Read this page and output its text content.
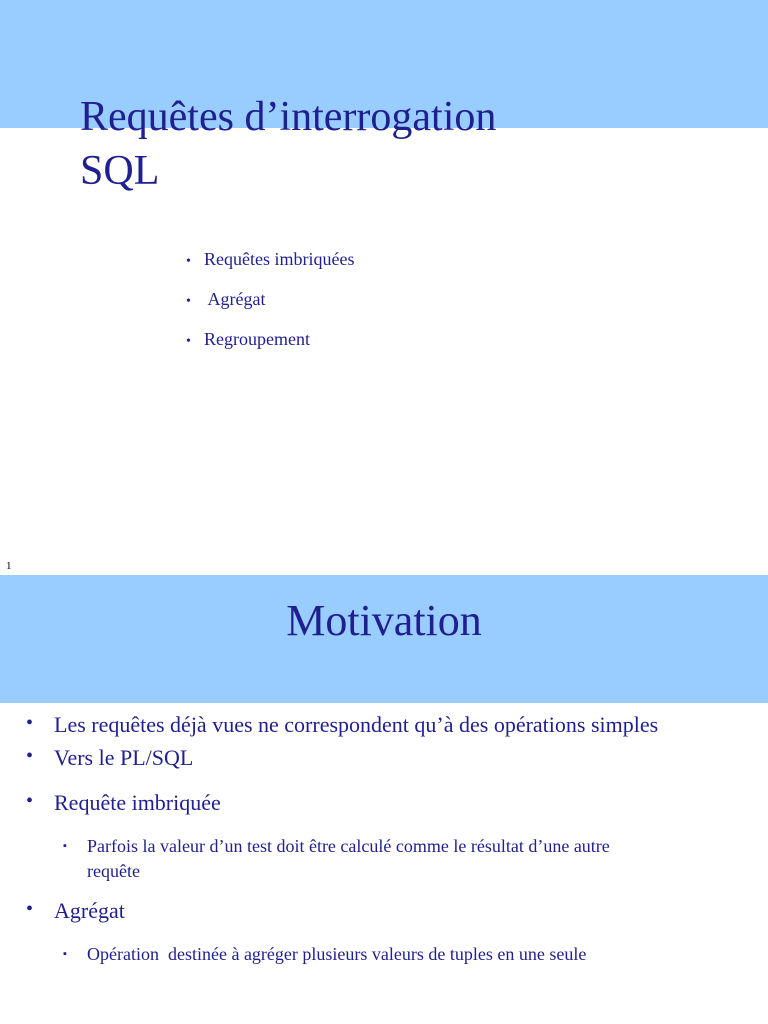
Requêtes d’interrogation
SQL
• Requêtes imbriquées
• Agrégat
• Regroupement
1
Motivation
• Les requêtes déjà vues ne correspondent qu’à des opérations simples
• Vers le PL/SQL
• Requête imbriquée
▪ Parfois la valeur d’un test doit être calculé comme le résultat d’une autre
requête
• Agrégat
▪ Opération  destinée à agréger plusieurs valeurs de tuples en une seule
